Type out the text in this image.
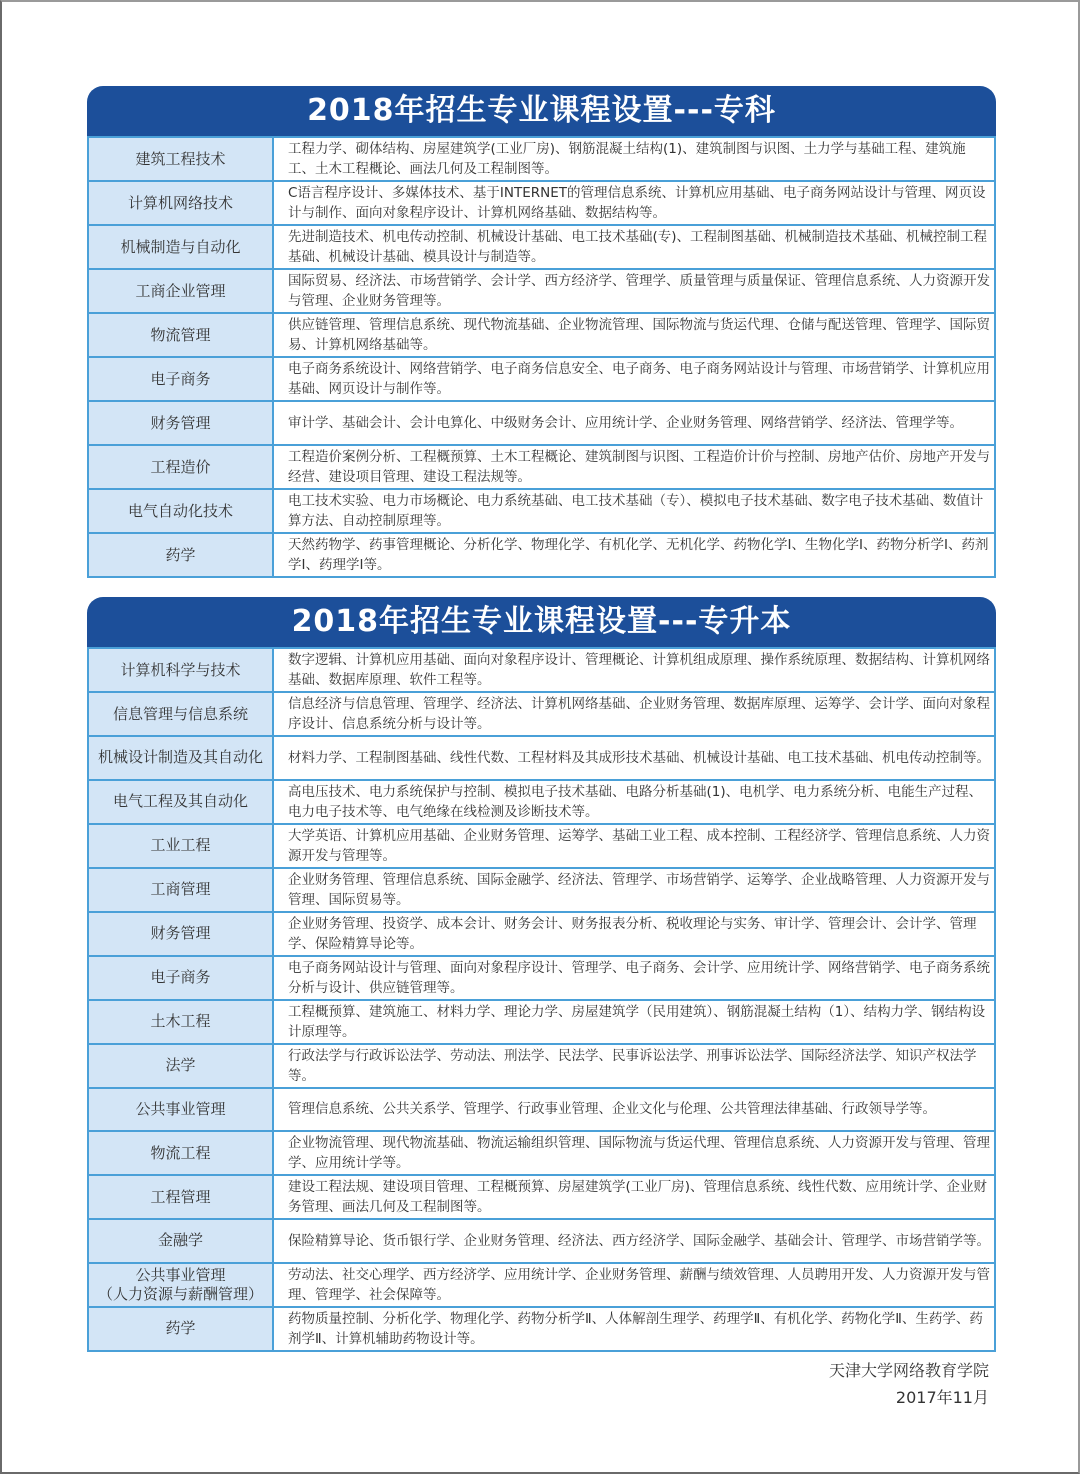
2018年招生专业课程设置---专科
建筑工程技术	工程力学、砌体结构、房屋建筑学(工业厂房)、钢筋混凝土结构(1)、建筑制图与识图、土力学与基础工程、建筑施工、土木工程概论、画法几何及工程制图等。
计算机网络技术	C语言程序设计、多媒体技术、基于INTERNET的管理信息系统、计算机应用基础、电子商务网站设计与管理、网页设计与制作、面向对象程序设计、计算机网络基础、数据结构等。
机械制造与自动化	先进制造技术、机电传动控制、机械设计基础、电工技术基础(专)、工程制图基础、机械制造技术基础、机械控制工程基础、机械设计基础、模具设计与制造等。
工商企业管理	国际贸易、经济法、市场营销学、会计学、西方经济学、管理学、质量管理与质量保证、管理信息系统、人力资源开发与管理、企业财务管理等。
物流管理	供应链管理、管理信息系统、现代物流基础、企业物流管理、国际物流与货运代理、仓储与配送管理、管理学、国际贸易、计算机网络基础等。
电子商务	电子商务系统设计、网络营销学、电子商务信息安全、电子商务、电子商务网站设计与管理、市场营销学、计算机应用基础、网页设计与制作等。
财务管理	审计学、基础会计、会计电算化、中级财务会计、应用统计学、企业财务管理、网络营销学、经济法、管理学等。
工程造价	工程造价案例分析、工程概预算、土木工程概论、建筑制图与识图、工程造价计价与控制、房地产估价、房地产开发与经营、建设项目管理、建设工程法规等。
电气自动化技术	电工技术实验、电力市场概论、电力系统基础、电工技术基础（专）、模拟电子技术基础、数字电子技术基础、数值计算方法、自动控制原理等。
药学	天然药物学、药事管理概论、分析化学、物理化学、有机化学、无机化学、药物化学Ⅰ、生物化学Ⅰ、药物分析学Ⅰ、药剂学Ⅰ、药理学Ⅰ等。
2018年招生专业课程设置---专升本
计算机科学与技术	数字逻辑、计算机应用基础、面向对象程序设计、管理概论、计算机组成原理、操作系统原理、数据结构、计算机网络基础、数据库原理、软件工程等。
信息管理与信息系统	信息经济与信息管理、管理学、经济法、计算机网络基础、企业财务管理、数据库原理、运筹学、会计学、面向对象程序设计、信息系统分析与设计等。
机械设计制造及其自动化	材料力学、工程制图基础、线性代数、工程材料及其成形技术基础、机械设计基础、电工技术基础、机电传动控制等。
电气工程及其自动化	高电压技术、电力系统保护与控制、模拟电子技术基础、电路分析基础(1)、电机学、电力系统分析、电能生产过程、电力电子技术等、电气绝缘在线检测及诊断技术等。
工业工程	大学英语、计算机应用基础、企业财务管理、运筹学、基础工业工程、成本控制、工程经济学、管理信息系统、人力资源开发与管理等。
工商管理	企业财务管理、管理信息系统、国际金融学、经济法、管理学、市场营销学、运筹学、企业战略管理、人力资源开发与管理、国际贸易等。
财务管理	企业财务管理、投资学、成本会计、财务会计、财务报表分析、税收理论与实务、审计学、管理会计、会计学、管理学、保险精算导论等。
电子商务	电子商务网站设计与管理、面向对象程序设计、管理学、电子商务、会计学、应用统计学、网络营销学、电子商务系统分析与设计、供应链管理等。
土木工程	工程概预算、建筑施工、材料力学、理论力学、房屋建筑学（民用建筑）、钢筋混凝土结构（1）、结构力学、钢结构设计原理等。
法学	行政法学与行政诉讼法学、劳动法、刑法学、民法学、民事诉讼法学、刑事诉讼法学、国际经济法学、知识产权法学等。
公共事业管理	管理信息系统、公共关系学、管理学、行政事业管理、企业文化与伦理、公共管理法律基础、行政领导学等。
物流工程	企业物流管理、现代物流基础、物流运输组织管理、国际物流与货运代理、管理信息系统、人力资源开发与管理、管理学、应用统计学等。
工程管理	建设工程法规、建设项目管理、工程概预算、房屋建筑学(工业厂房)、管理信息系统、线性代数、应用统计学、企业财务管理、画法几何及工程制图等。
金融学	保险精算导论、货币银行学、企业财务管理、经济法、西方经济学、国际金融学、基础会计、管理学、市场营销学等。
公共事业管理
（人力资源与薪酬管理）	劳动法、社交心理学、西方经济学、应用统计学、企业财务管理、薪酬与绩效管理、人员聘用开发、人力资源开发与管理、管理学、社会保障等。
药学	药物质量控制、分析化学、物理化学、药物分析学Ⅱ、人体解剖生理学、药理学Ⅱ、有机化学、药物化学Ⅱ、生药学、药剂学Ⅱ、计算机辅助药物设计等。
天津大学网络教育学院
2017年11月
